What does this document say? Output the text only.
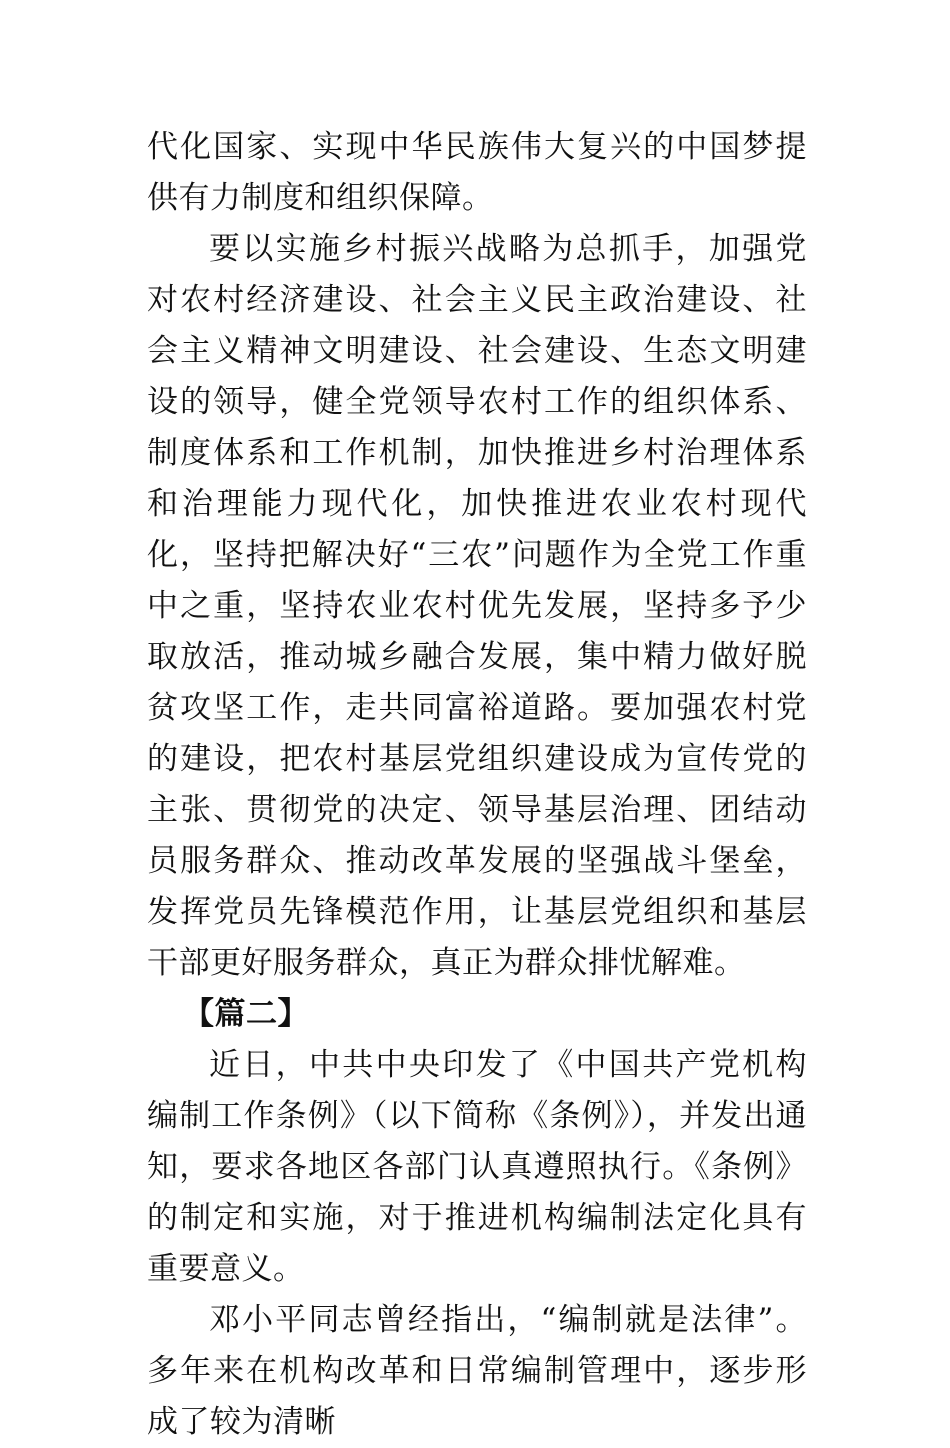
代化国家、实现中华民族伟大复兴的中国梦提供有力制度和组织保障。

要以实施乡村振兴战略为总抓手，加强党对农村经济建设、社会主义民主政治建设、社会主义精神文明建设、社会建设、生态文明建设的领导，健全党领导农村工作的组织体系、制度体系和工作机制，加快推进乡村治理体系和治理能力现代化，加快推进农业农村现代化，坚持把解决好“三农”问题作为全党工作重中之重，坚持农业农村优先发展，坚持多予少取放活，推动城乡融合发展，集中精力做好脱贫攻坚工作，走共同富裕道路。要加强农村党的建设，把农村基层党组织建设成为宣传党的主张、贯彻党的决定、领导基层治理、团结动员服务群众、推动改革发展的坚强战斗堡垒，发挥党员先锋模范作用，让基层党组织和基层干部更好服务群众，真正为群众排忧解难。

【篇二】

近日，中共中央印发了《中国共产党机构编制工作条例》（以下简称《条例》），并发出通知，要求各地区各部门认真遵照执行。《条例》的制定和实施，对于推进机构编制法定化具有重要意义。

邓小平同志曾经指出，“编制就是法律”。多年来在机构改革和日常编制管理中，逐步形成了较为清晰
